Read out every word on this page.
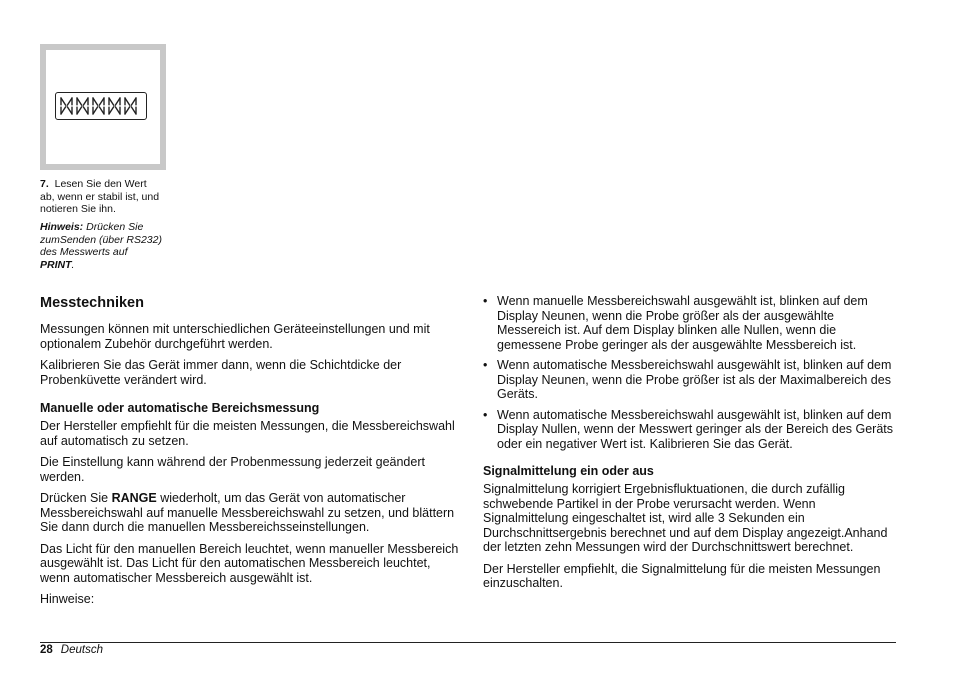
7. Lesen Sie den Wert ab, wenn er stabil ist, und notieren Sie ihn.
Hinweis: Drücken Sie zumSenden (über RS232) des Messwerts auf PRINT.
Messtechniken
Messungen können mit unterschiedlichen Geräteeinstellungen und mit optionalem Zubehör durchgeführt werden.
Kalibrieren Sie das Gerät immer dann, wenn die Schichtdicke der Probenküvette verändert wird.
Manuelle oder automatische Bereichsmessung
Der Hersteller empfiehlt für die meisten Messungen, die Messbereichswahl auf automatisch zu setzen.
Die Einstellung kann während der Probenmessung jederzeit geändert werden.
Drücken Sie RANGE wiederholt, um das Gerät von automatischer Messbereichswahl auf manuelle Messbereichswahl zu setzen, und blättern Sie dann durch die manuellen Messbereichsseinstellungen.
Das Licht für den manuellen Bereich leuchtet, wenn manueller Messbereich ausgewählt ist. Das Licht für den automatischen Messbereich leuchtet, wenn automatischer Messbereich ausgewählt ist.
Hinweise:
• Wenn manuelle Messbereichswahl ausgewählt ist, blinken auf dem Display Neunen, wenn die Probe größer als der ausgewählte Messereich ist. Auf dem Display blinken alle Nullen, wenn die gemessene Probe geringer als der ausgewählte Messbereich ist.
• Wenn automatische Messbereichswahl ausgewählt ist, blinken auf dem Display Neunen, wenn die Probe größer ist als der Maximalbereich des Geräts.
• Wenn automatische Messbereichswahl ausgewählt ist, blinken auf dem Display Nullen, wenn der Messwert geringer als der Bereich des Geräts oder ein negativer Wert ist. Kalibrieren Sie das Gerät.
Signalmittelung ein oder aus
Signalmittelung korrigiert Ergebnisfluktuationen, die durch zufällig schwebende Partikel in der Probe verursacht werden. Wenn Signalmittelung eingeschaltet ist, wird alle 3 Sekunden ein Durchschnittsergebnis berechnet und auf dem Display angezeigt.Anhand der letzten zehn Messungen wird der Durchschnittswert berechnet.
Der Hersteller empfiehlt, die Signalmittelung für die meisten Messungen einzuschalten.
28 Deutsch
